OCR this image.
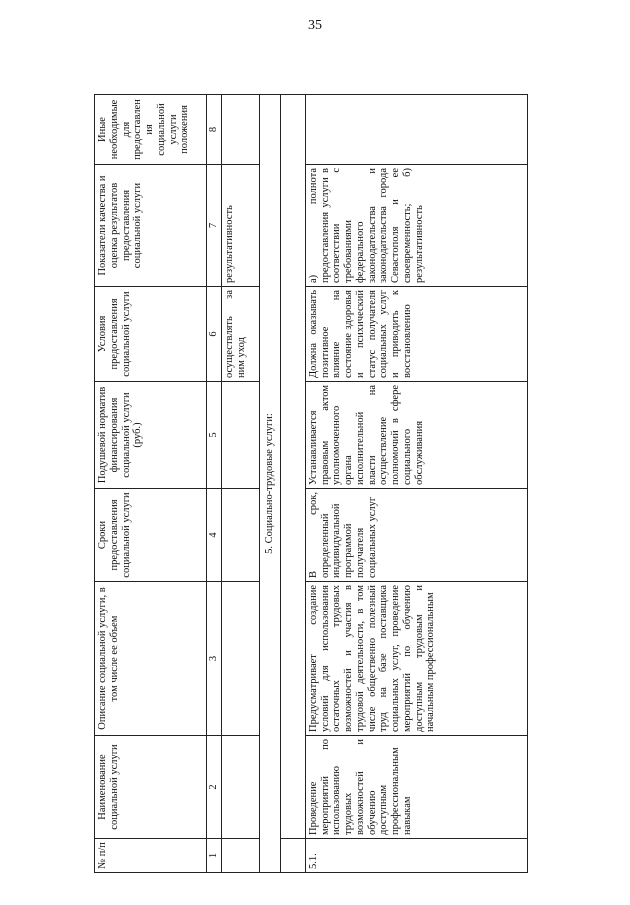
35
№ п/п	Наименование социальной услуги	Описание социальной услуги, в том числе ее объем	Сроки предоставления социальной услуги	Подушевой норматив финансирования социальной услуги (руб.)	Условия предоставления социальной услуги	Показатели качества и оценка результатов предоставления социальной услуги	Иные необходимые для предоставления социальной услуги положения
1	2	3	4	5	6	7	8
					осуществлять за ним уход	результативность	
5. Социально-трудовые услуги:							

5.1.	Проведение мероприятий по использованию трудовых возможностей и обучению доступным профессиональным навыкам	Предусматривает создание условий для использования остаточных трудовых возможностей и участия в трудовой деятельности, в том числе общественно полезный труд на базе поставщика социальных услуг, проведение мероприятий по обучению доступным трудовым и начальным профессиональным	В срок, определенный индивидуальной программой получателя социальных услуг	Устанавливается правовым актом уполномоченного органа исполнительной власти на осуществление полномочий в сфере социального обслуживания	Должна оказывать позитивное влияние на состояние здоровья и психический статус получателя социальных услуг и приводить к восстановлению	а) полнота предоставления услуги в соответствии с требованиями федерального законодательства и законодательства города Севастополя и ее своевременность; б) результативность	
